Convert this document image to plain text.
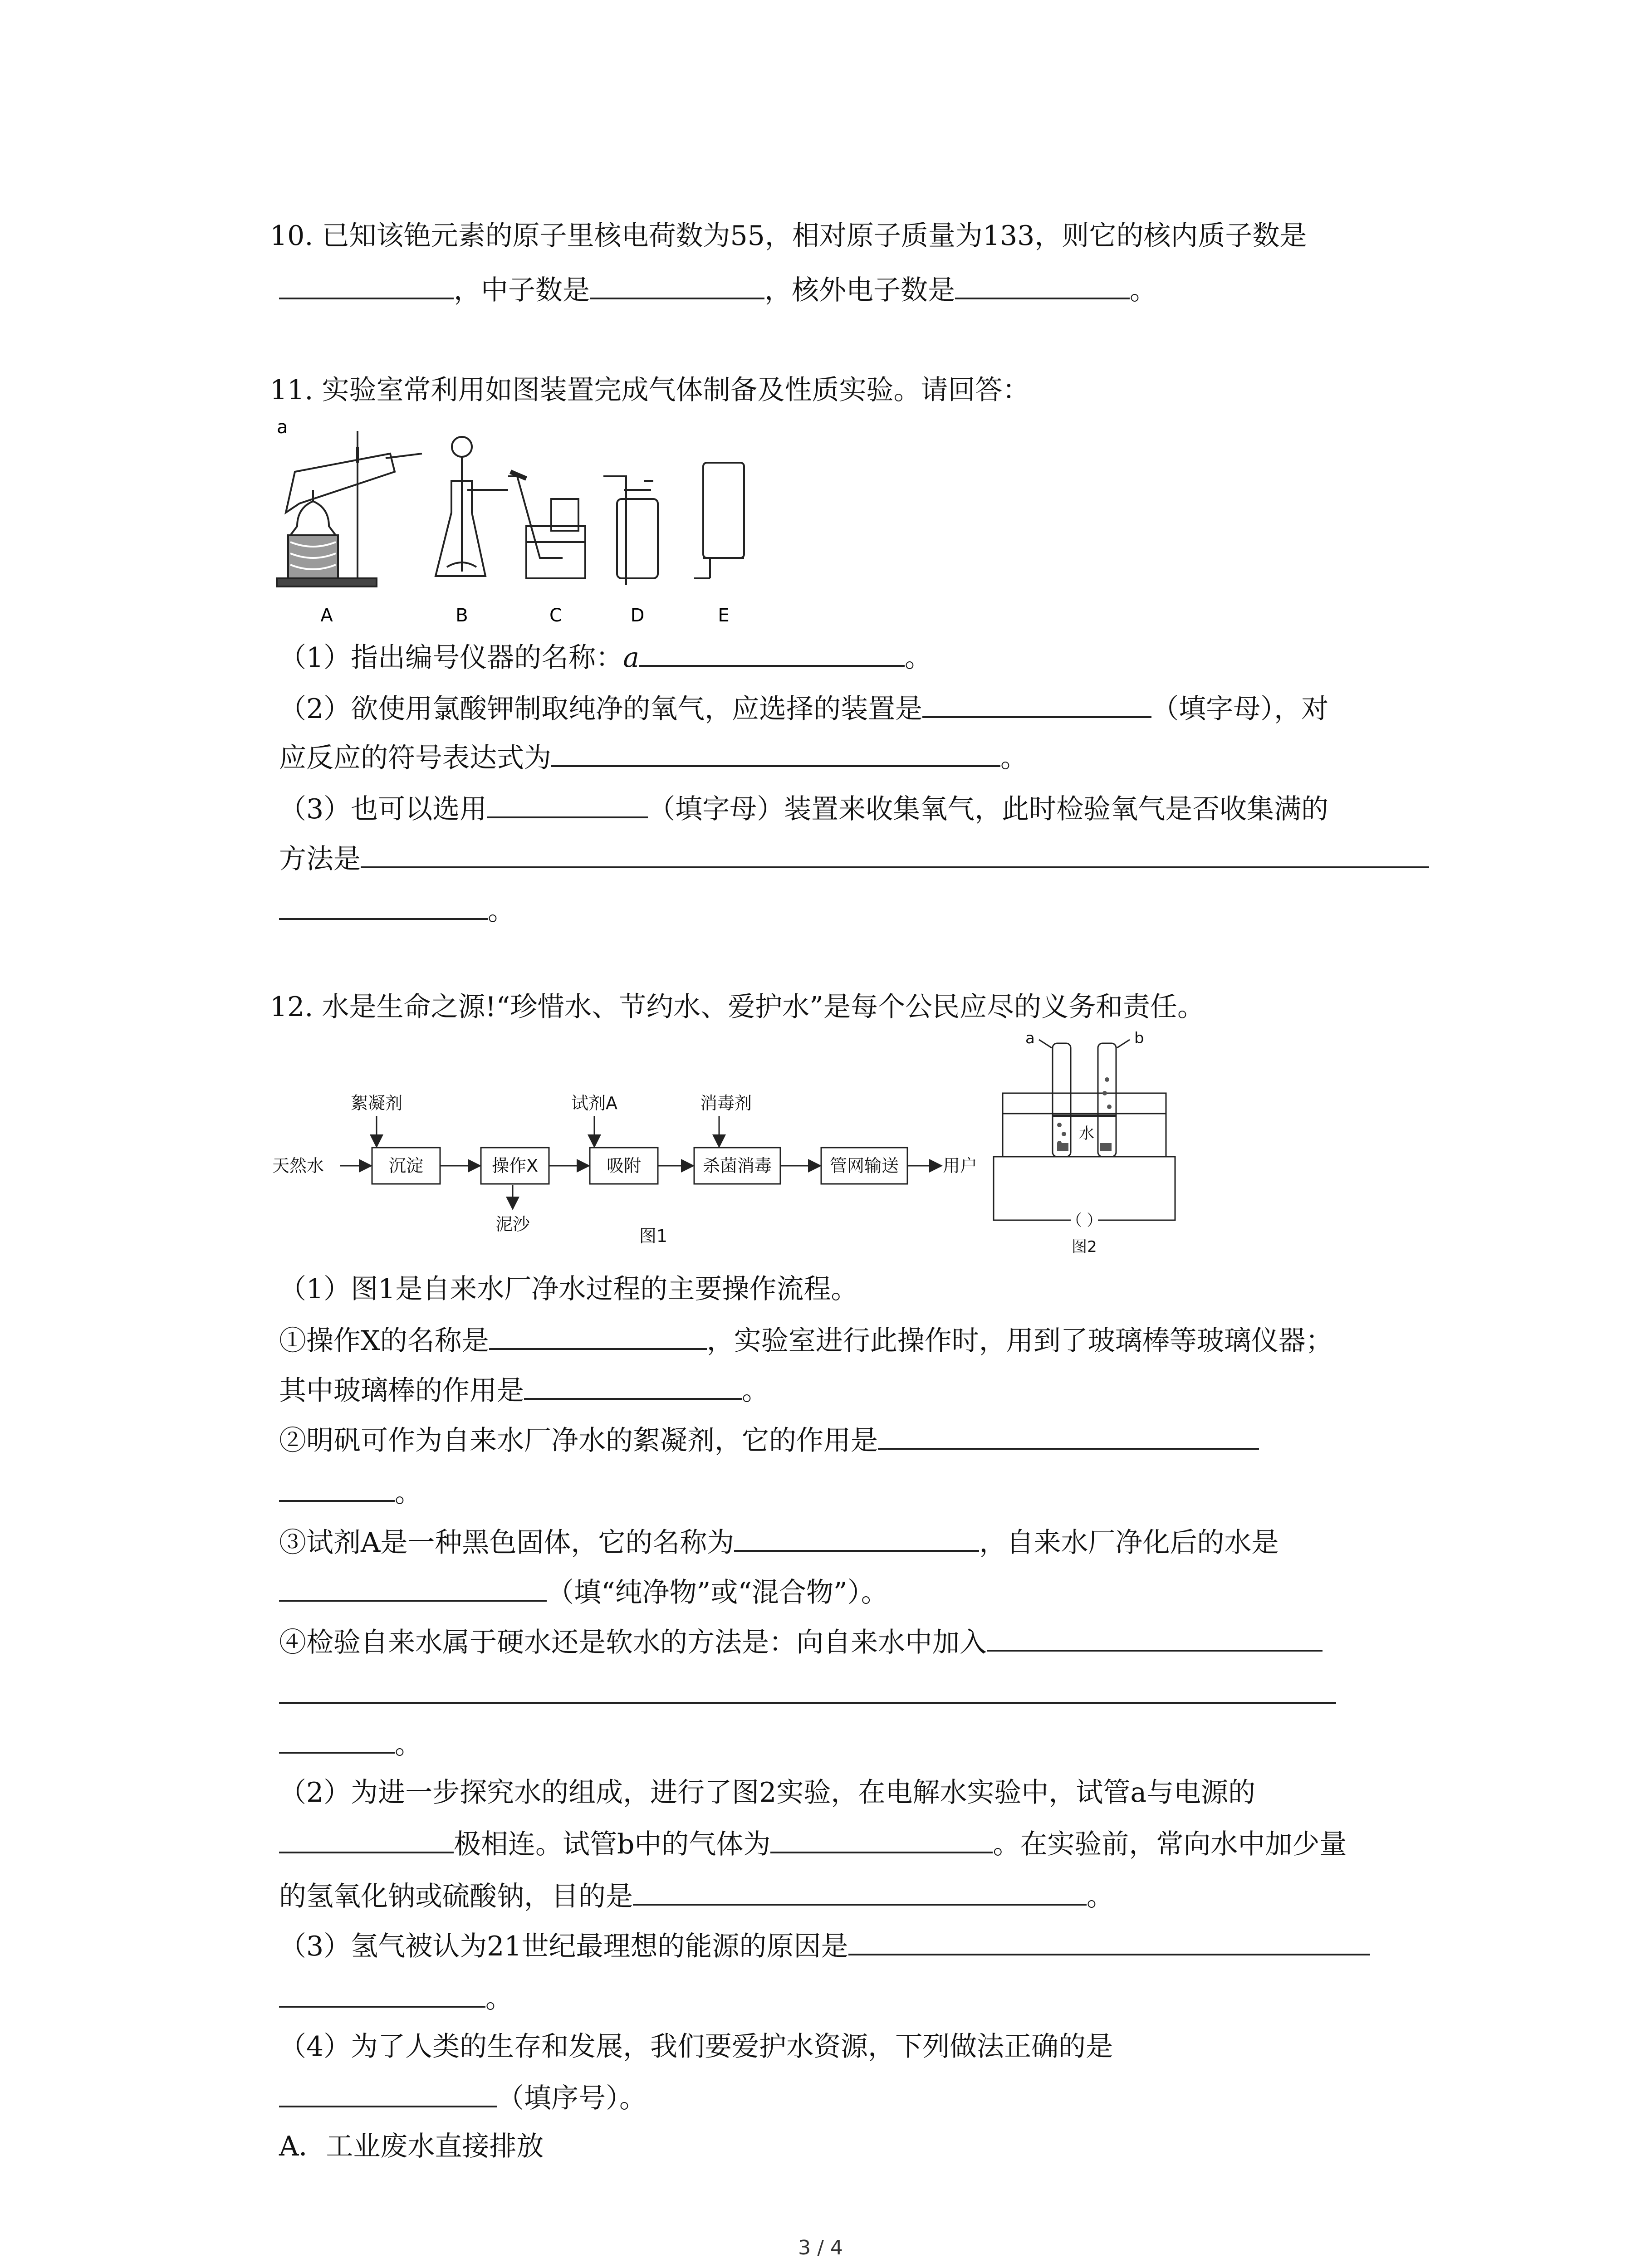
10. 已知该铯元素的原子里核电荷数为55，相对原子质量为133，则它的核内质子数是
，中子数是	，核外电子数是	。
11. 实验室常利用如图装置完成气体制备及性质实验。请回答：
a
A	B	C	D	E
（1）指出编号仪器的名称：a	。
（2）欲使用氯酸钾制取纯净的氧气，应选择的装置是	（填字母），对
应反应的符号表达式为	。
（3）也可以选用	（填字母）装置来收集氧气，此时检验氧气是否收集满的
方法是
。
12. 水是生命之源!“珍惜水、节约水、爱护水”是每个公民应尽的义务和责任。
天然水	沉淀	操作X	吸附	杀菌消毒	管网输送	用户
絮凝剂	试剂A	消毒剂
泥沙
图1
a	b
水
（ ）
图2
（1）图1是自来水厂净水过程的主要操作流程。
①操作X的名称是	，实验室进行此操作时，用到了玻璃棒等玻璃仪器；
其中玻璃棒的作用是	。
②明矾可作为自来水厂净水的絮凝剂，它的作用是
。
③试剂A是一种黑色固体，它的名称为	，自来水厂净化后的水是
（填“纯净物”或“混合物”）。
④检验自来水属于硬水还是软水的方法是：向自来水中加入
。
（2）为进一步探究水的组成，进行了图2实验，在电解水实验中，试管a与电源的
极相连。试管b中的气体为	。在实验前，常向水中加少量
的氢氧化钠或硫酸钠，目的是	。
（3）氢气被认为21世纪最理想的能源的原因是
。
（4）为了人类的生存和发展，我们要爱护水资源，下列做法正确的是
（填序号）。
A．工业废水直接排放
3 / 4
